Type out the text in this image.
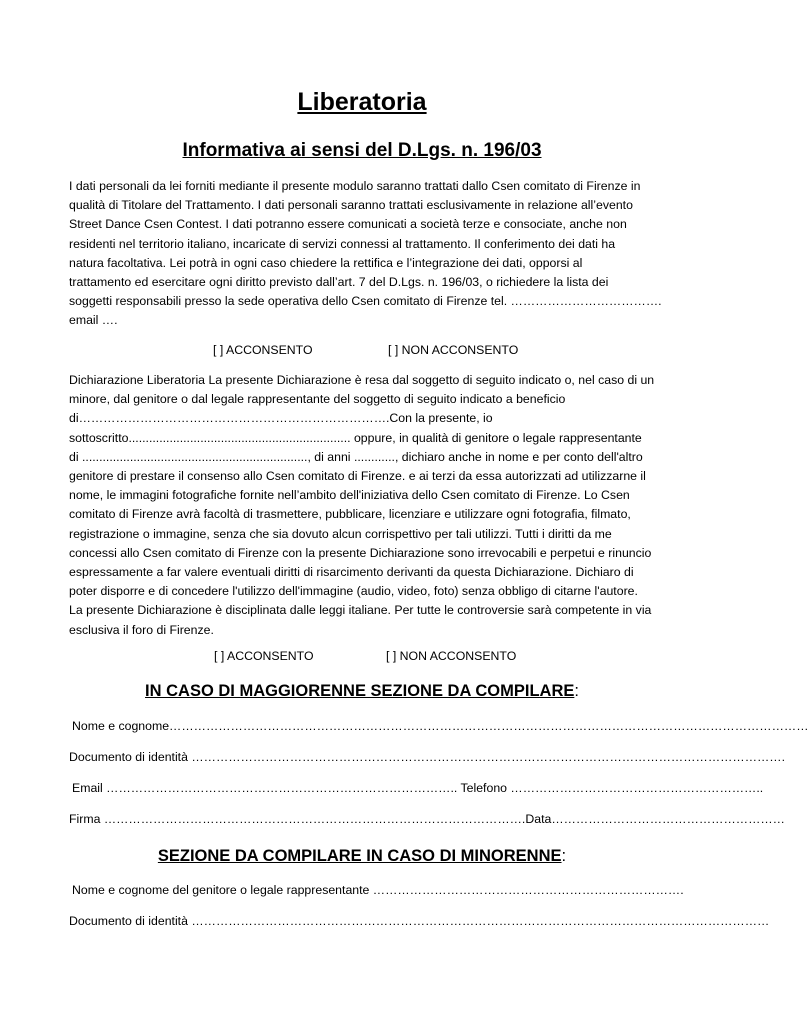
Liberatoria
Informativa ai sensi del D.Lgs. n. 196/03
I dati personali da lei forniti mediante il presente modulo saranno trattati dallo Csen comitato di Firenze in
qualità di Titolare del Trattamento. I dati personali saranno trattati esclusivamente in relazione all’evento
Street Dance Csen Contest. I dati potranno essere comunicati a società terze e consociate, anche non
residenti nel territorio italiano, incaricate di servizi connessi al trattamento. Il conferimento dei dati ha
natura facoltativa. Lei potrà in ogni caso chiedere la rettifica e l’integrazione dei dati, opporsi al
trattamento ed esercitare ogni diritto previsto dall’art. 7 del D.Lgs. n. 196/03, o richiedere la lista dei
soggetti responsabili presso la sede operativa dello Csen comitato di Firenze tel. ……………………………….
email ….
[ ] ACCONSENTO	[ ] NON ACCONSENTO
Dichiarazione Liberatoria La presente Dichiarazione è resa dal soggetto di seguito indicato o, nel caso di un
minore, dal genitore o dal legale rappresentante del soggetto di seguito indicato a beneficio
di………………………………………………………………….Con la presente, io
sottoscritto................................................................. oppure, in qualità di genitore o legale rappresentante
di .................................................................., di anni ............, dichiaro anche in nome e per conto dell'altro
genitore di prestare il consenso allo Csen comitato di Firenze. e ai terzi da essa autorizzati ad utilizzarne il
nome, le immagini fotografiche fornite nell’ambito dell'iniziativa dello Csen comitato di Firenze. Lo Csen
comitato di Firenze avrà facoltà di trasmettere, pubblicare, licenziare e utilizzare ogni fotografia, filmato,
registrazione o immagine, senza che sia dovuto alcun corrispettivo per tali utilizzi. Tutti i diritti da me
concessi allo Csen comitato di Firenze con la presente Dichiarazione sono irrevocabili e perpetui e rinuncio
espressamente a far valere eventuali diritti di risarcimento derivanti da questa Dichiarazione. Dichiaro di
poter disporre e di concedere l'utilizzo dell'immagine (audio, video, foto) senza obbligo di citarne l'autore.
La presente Dichiarazione è disciplinata dalle leggi italiane. Per tutte le controversie sarà competente in via
esclusiva il foro di Firenze.
[ ] ACCONSENTO	[ ] NON ACCONSENTO
IN CASO DI MAGGIORENNE SEZIONE DA COMPILARE:
Nome e cognome…………………………………………………………………………………………………………………………………………
Documento di identità ……………………………………………………………………………………………………………………………….
Email ………………………………………………………………………….. Telefono ……………………………………………………..
Firma ………………………………………………………………………………………….Data…………………………………………………
SEZIONE DA COMPILARE IN CASO DI MINORENNE:
Nome e cognome del genitore o legale rappresentante ………………………………………………………………….
Documento di identità ……………………………………………………………………………………………………………………………
